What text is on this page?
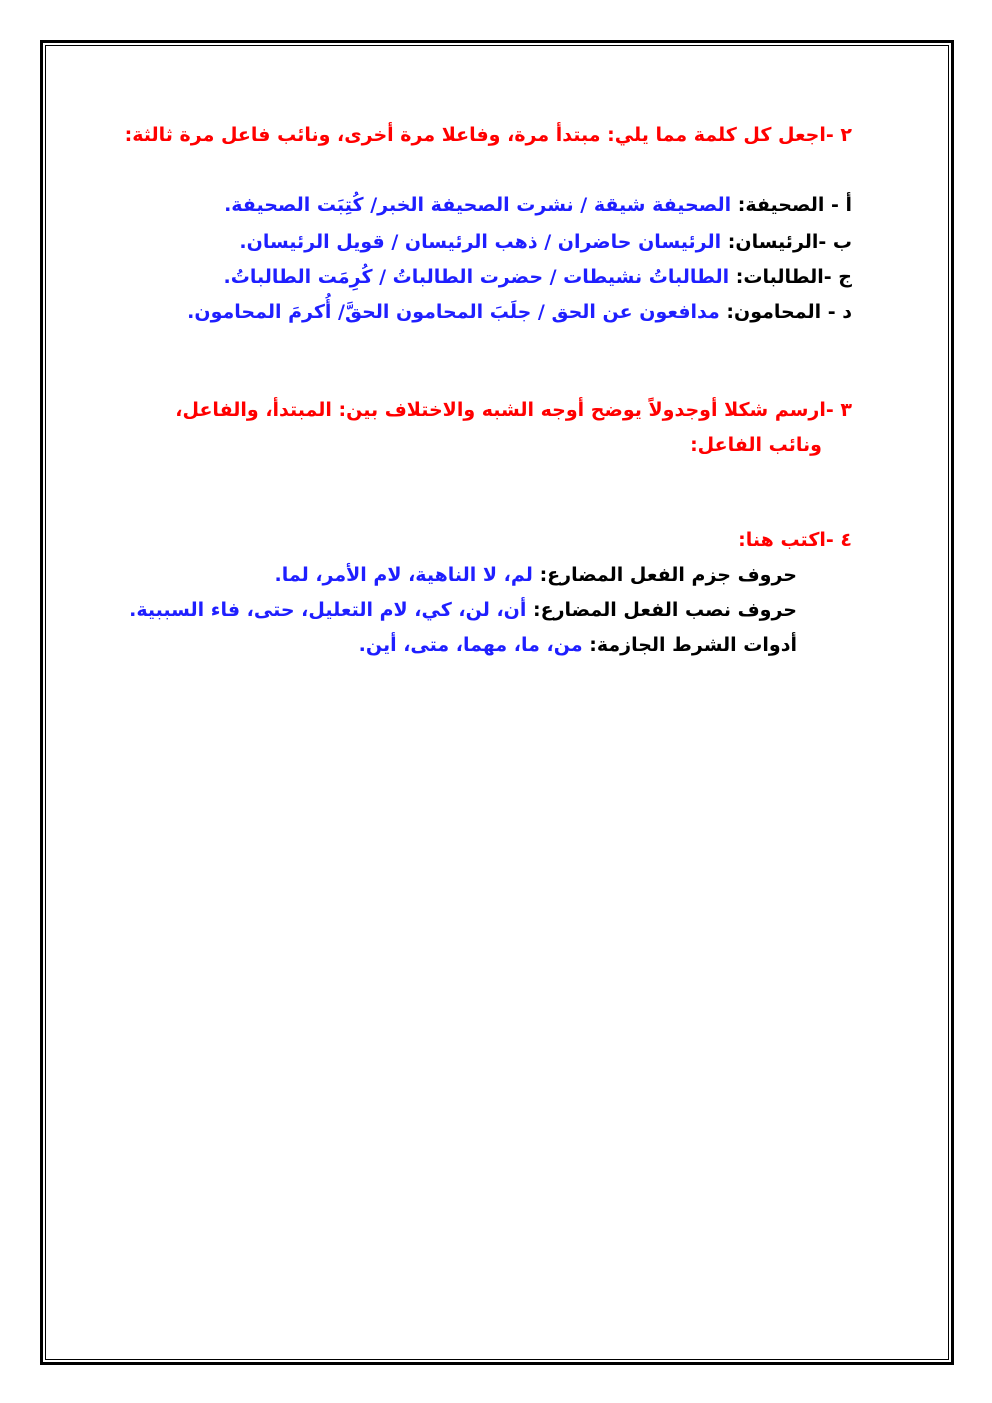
٢ -اجعل كل كلمة مما يلي: مبتدأ مرة، وفاعلا مرة أخرى، ونائب فاعل مرة ثالثة:
أ - الصحيفة: الصحيفة شيقة / نشرت الصحيفة الخبر/ كُتِبَت الصحيفة.
ب -الرئيسان: الرئيسان حاضران / ذهب الرئيسان / قويل الرئيسان.
ج -الطالبات: الطالباتُ نشيطات / حضرت الطالباتُ / كُرِمَت الطالباتُ.
د - المحامون: مدافعون عن الحق / جلَبَ المحامون الحقَّ/ أُكرمَ المحامون.
٣ -ارسم شكلا أوجدولاً يوضح أوجه الشبه والاختلاف بين: المبتدأ، والفاعل،
ونائب الفاعل:
٤ -اكتب هنا:
حروف جزم الفعل المضارع: لم، لا الناهية، لام الأمر، لما.
حروف نصب الفعل المضارع: أن، لن، كي، لام التعليل، حتى، فاء السببية.
أدوات الشرط الجازمة: من، ما، مهما، متى، أين.
